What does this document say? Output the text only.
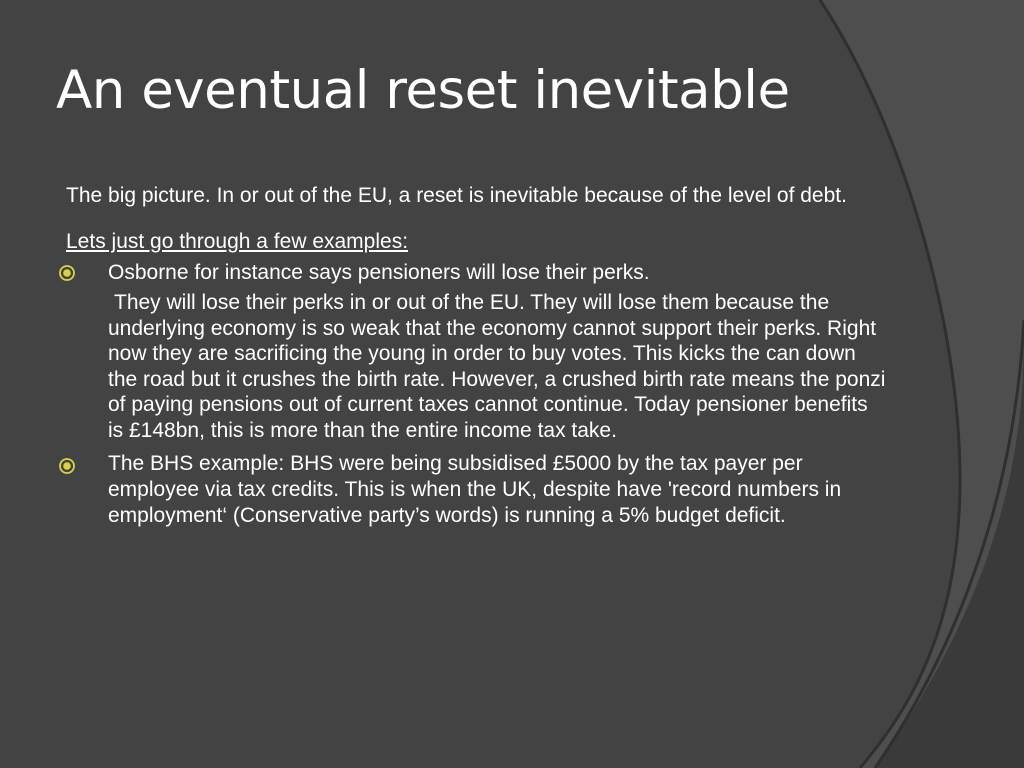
An eventual reset inevitable

The big picture. In or out of the EU, a reset is inevitable because of the level of debt.

Lets just go through a few examples:

Osborne for instance says pensioners will lose their perks.
They will lose their perks in or out of the EU. They will lose them because the underlying economy is so weak that the economy cannot support their perks. Right now they are sacrificing the young in order to buy votes. This kicks the can down the road but it crushes the birth rate. However, a crushed birth rate means the ponzi of paying pensions out of current taxes cannot continue. Today pensioner benefits is £148bn, this is more than the entire income tax take.
The BHS example: BHS were being subsidised £5000 by the tax payer per employee via tax credits. This is when the UK, despite have 'record numbers in employment‘ (Conservative party’s words) is running a 5% budget deficit.
